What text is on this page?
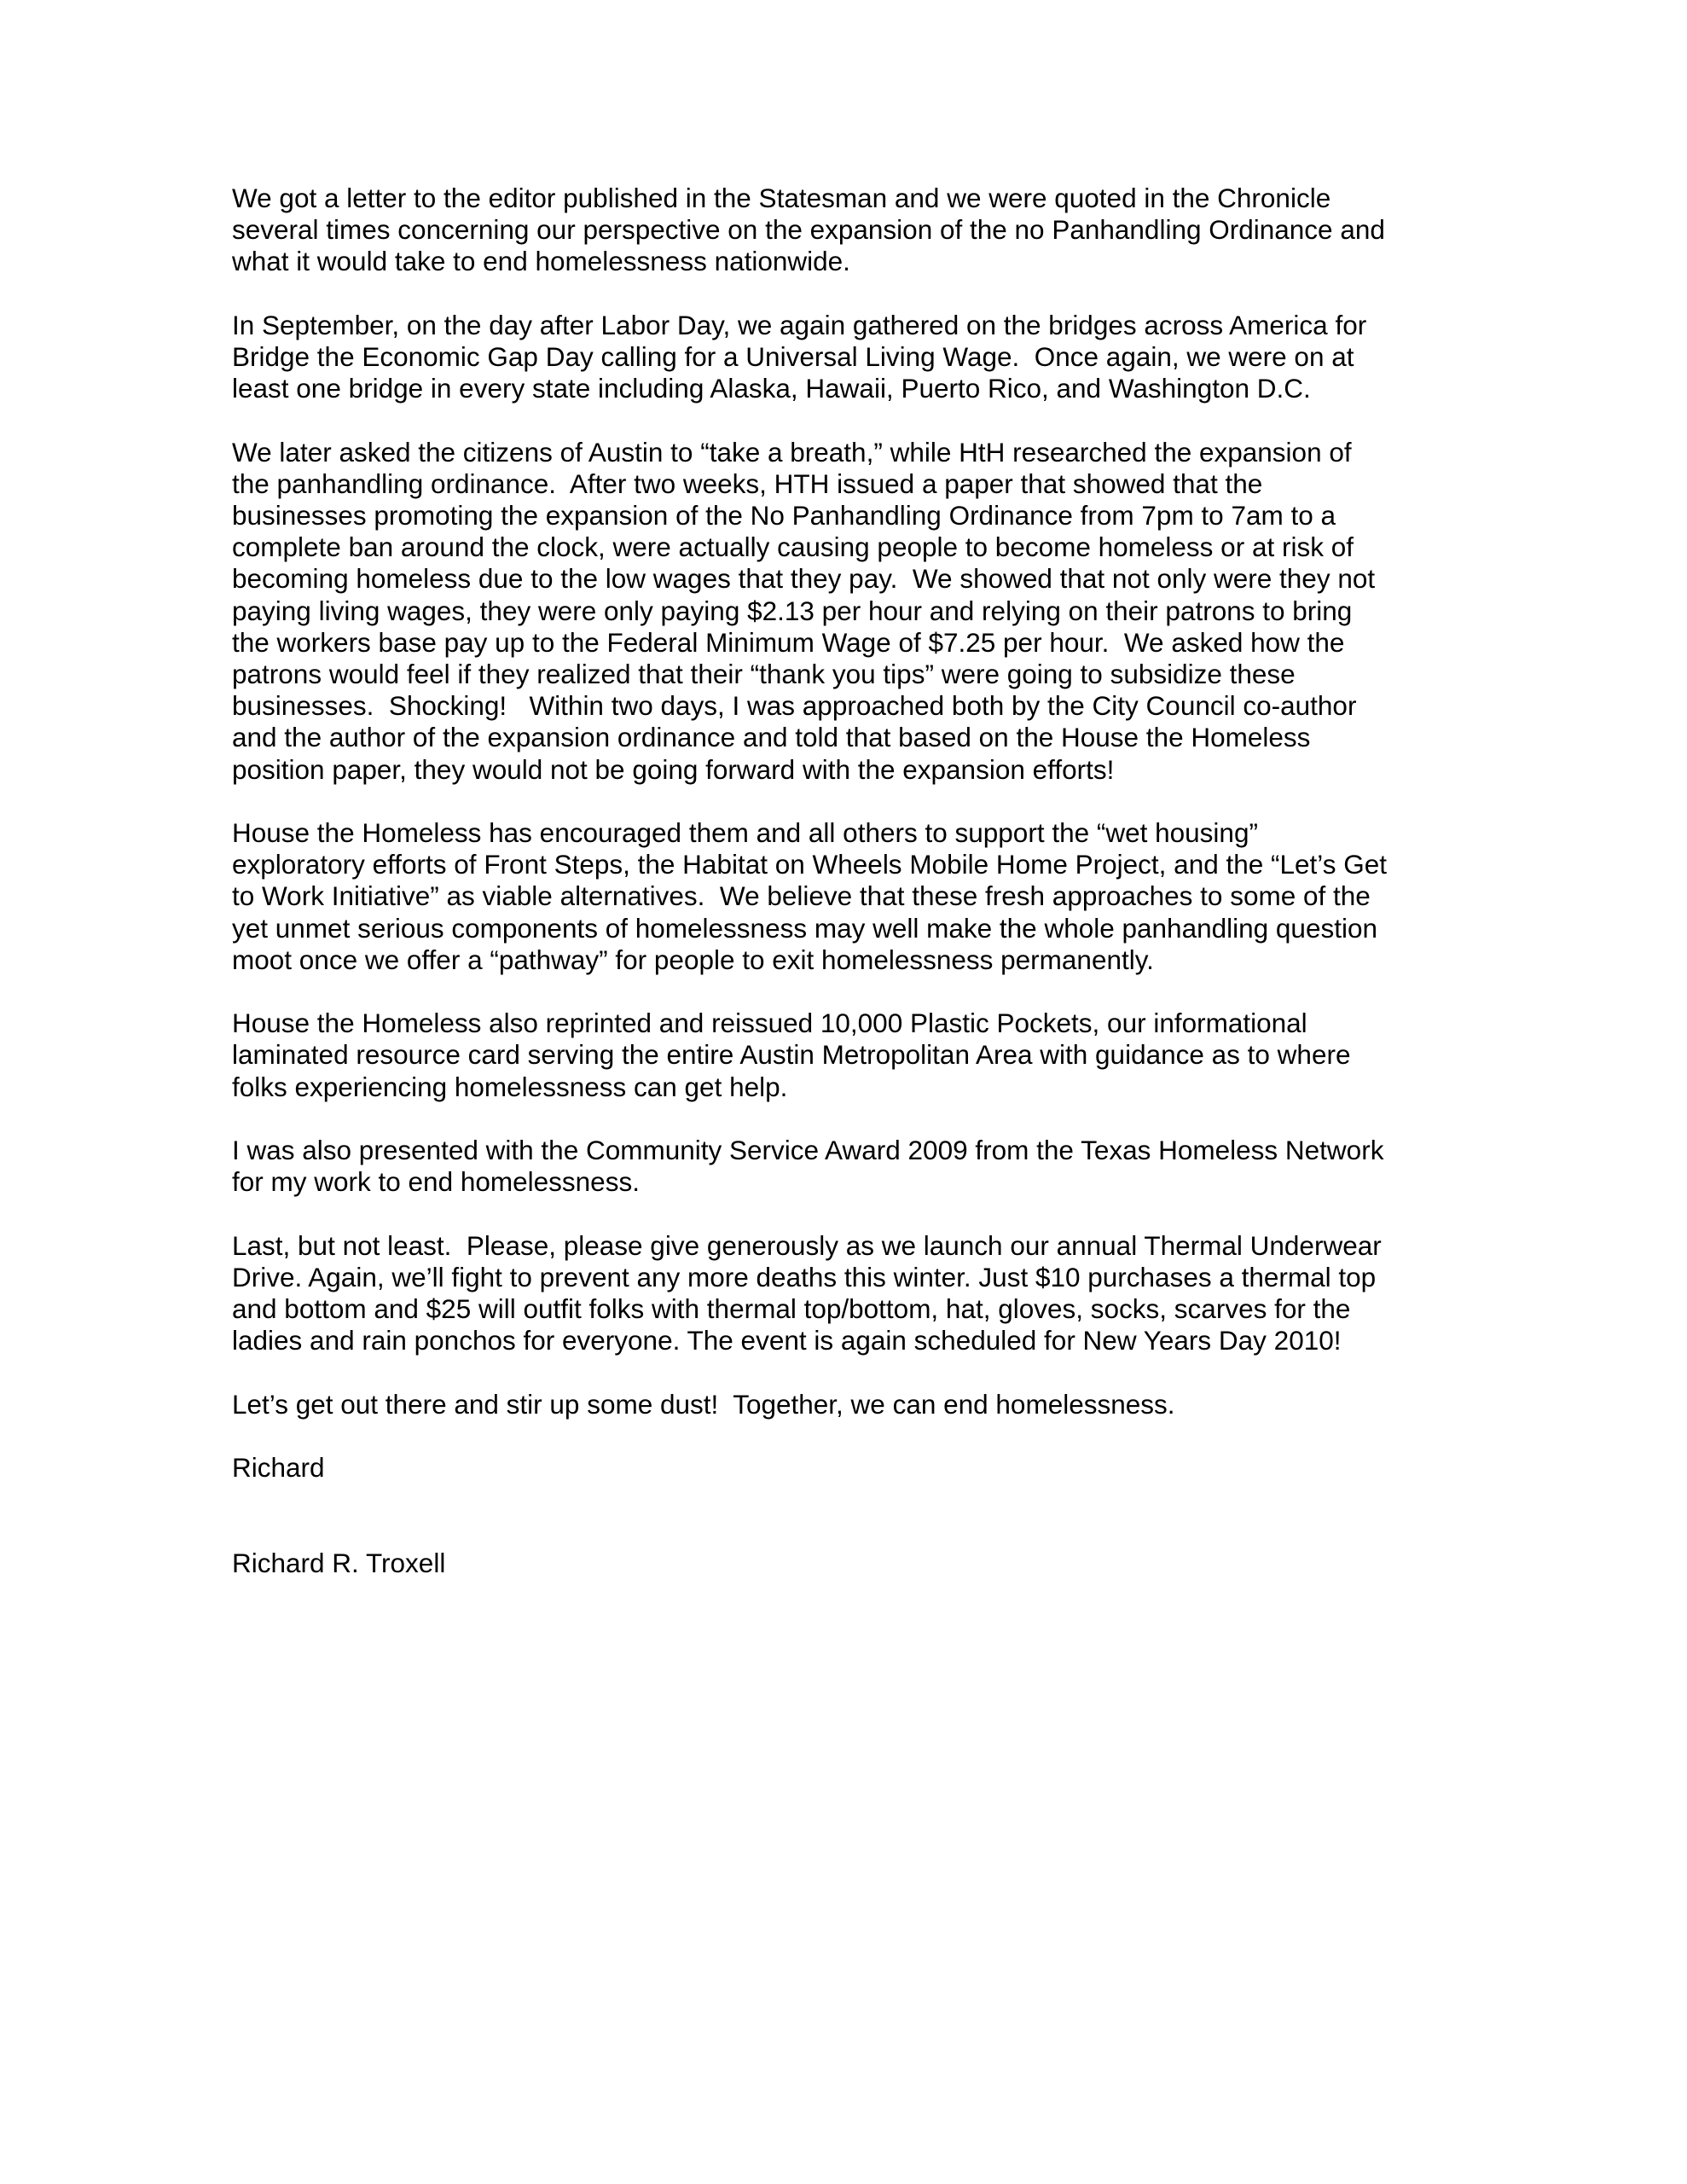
We got a letter to the editor published in the Statesman and we were quoted in the Chronicle
several times concerning our perspective on the expansion of the no Panhandling Ordinance and
what it would take to end homelessness nationwide.
In September, on the day after Labor Day, we again gathered on the bridges across America for
Bridge the Economic Gap Day calling for a Universal Living Wage.  Once again, we were on at
least one bridge in every state including Alaska, Hawaii, Puerto Rico, and Washington D.C.
We later asked the citizens of Austin to “take a breath,” while HtH researched the expansion of
the panhandling ordinance.  After two weeks, HTH issued a paper that showed that the
businesses promoting the expansion of the No Panhandling Ordinance from 7pm to 7am to a
complete ban around the clock, were actually causing people to become homeless or at risk of
becoming homeless due to the low wages that they pay.  We showed that not only were they not
paying living wages, they were only paying $2.13 per hour and relying on their patrons to bring
the workers base pay up to the Federal Minimum Wage of $7.25 per hour.  We asked how the
patrons would feel if they realized that their “thank you tips” were going to subsidize these
businesses.  Shocking!   Within two days, I was approached both by the City Council co-author
and the author of the expansion ordinance and told that based on the House the Homeless
position paper, they would not be going forward with the expansion efforts!
House the Homeless has encouraged them and all others to support the “wet housing”
exploratory efforts of Front Steps, the Habitat on Wheels Mobile Home Project, and the “Let’s Get
to Work Initiative” as viable alternatives.  We believe that these fresh approaches to some of the
yet unmet serious components of homelessness may well make the whole panhandling question
moot once we offer a “pathway” for people to exit homelessness permanently.
House the Homeless also reprinted and reissued 10,000 Plastic Pockets, our informational
laminated resource card serving the entire Austin Metropolitan Area with guidance as to where
folks experiencing homelessness can get help.
I was also presented with the Community Service Award 2009 from the Texas Homeless Network
for my work to end homelessness.
Last, but not least.  Please, please give generously as we launch our annual Thermal Underwear
Drive. Again, we’ll fight to prevent any more deaths this winter. Just $10 purchases a thermal top
and bottom and $25 will outfit folks with thermal top/bottom, hat, gloves, socks, scarves for the
ladies and rain ponchos for everyone. The event is again scheduled for New Years Day 2010!
Let’s get out there and stir up some dust!  Together, we can end homelessness.
Richard
Richard R. Troxell
